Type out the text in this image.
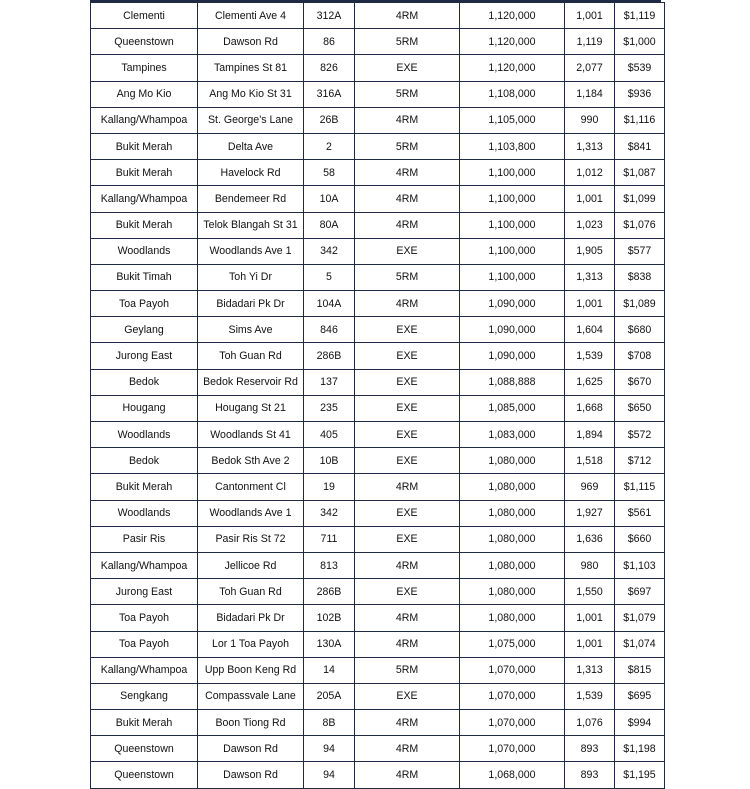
Clementi	Clementi Ave 4	312A	4RM	1,120,000	1,001	$1,119
Queenstown	Dawson Rd	86	5RM	1,120,000	1,119	$1,000
Tampines	Tampines St 81	826	EXE	1,120,000	2,077	$539
Ang Mo Kio	Ang Mo Kio St 31	316A	5RM	1,108,000	1,184	$936
Kallang/Whampoa	St. George's Lane	26B	4RM	1,105,000	990	$1,116
Bukit Merah	Delta Ave	2	5RM	1,103,800	1,313	$841
Bukit Merah	Havelock Rd	58	4RM	1,100,000	1,012	$1,087
Kallang/Whampoa	Bendemeer Rd	10A	4RM	1,100,000	1,001	$1,099
Bukit Merah	Telok Blangah St 31	80A	4RM	1,100,000	1,023	$1,076
Woodlands	Woodlands Ave 1	342	EXE	1,100,000	1,905	$577
Bukit Timah	Toh Yi Dr	5	5RM	1,100,000	1,313	$838
Toa Payoh	Bidadari Pk Dr	104A	4RM	1,090,000	1,001	$1,089
Geylang	Sims Ave	846	EXE	1,090,000	1,604	$680
Jurong East	Toh Guan Rd	286B	EXE	1,090,000	1,539	$708
Bedok	Bedok Reservoir Rd	137	EXE	1,088,888	1,625	$670
Hougang	Hougang St 21	235	EXE	1,085,000	1,668	$650
Woodlands	Woodlands St 41	405	EXE	1,083,000	1,894	$572
Bedok	Bedok Sth Ave 2	10B	EXE	1,080,000	1,518	$712
Bukit Merah	Cantonment Cl	19	4RM	1,080,000	969	$1,115
Woodlands	Woodlands Ave 1	342	EXE	1,080,000	1,927	$561
Pasir Ris	Pasir Ris St 72	711	EXE	1,080,000	1,636	$660
Kallang/Whampoa	Jellicoe Rd	813	4RM	1,080,000	980	$1,103
Jurong East	Toh Guan Rd	286B	EXE	1,080,000	1,550	$697
Toa Payoh	Bidadari Pk Dr	102B	4RM	1,080,000	1,001	$1,079
Toa Payoh	Lor 1 Toa Payoh	130A	4RM	1,075,000	1,001	$1,074
Kallang/Whampoa	Upp Boon Keng Rd	14	5RM	1,070,000	1,313	$815
Sengkang	Compassvale Lane	205A	EXE	1,070,000	1,539	$695
Bukit Merah	Boon Tiong Rd	8B	4RM	1,070,000	1,076	$994
Queenstown	Dawson Rd	94	4RM	1,070,000	893	$1,198
Queenstown	Dawson Rd	94	4RM	1,068,000	893	$1,195
